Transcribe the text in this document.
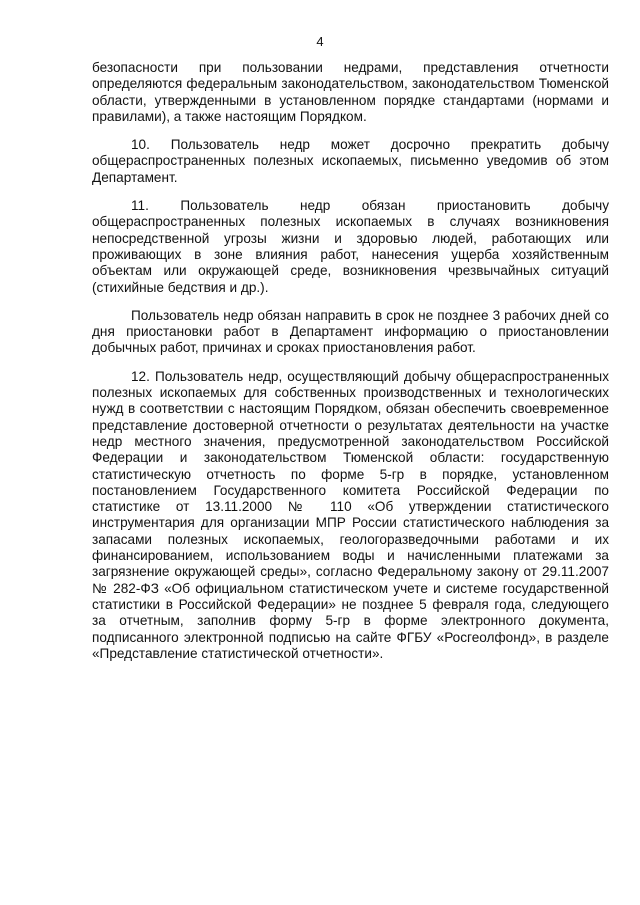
4

безопасности при пользовании недрами, представления отчетности определяются федеральным законодательством, законодательством Тюменской области, утвержденными в установленном порядке стандартами (нормами и правилами), а также настоящим Порядком.

10. Пользователь недр может досрочно прекратить добычу общераспространенных полезных ископаемых, письменно уведомив об этом Департамент.

11. Пользователь недр обязан приостановить добычу общераспространенных полезных ископаемых в случаях возникновения непосредственной угрозы жизни и здоровью людей, работающих или проживающих в зоне влияния работ, нанесения ущерба хозяйственным объектам или окружающей среде, возникновения чрезвычайных ситуаций (стихийные бедствия и др.).

Пользователь недр обязан направить в срок не позднее 3 рабочих дней со дня приостановки работ в Департамент информацию о приостановлении добычных работ, причинах и сроках приостановления работ.

12. Пользователь недр, осуществляющий добычу общераспространенных полезных ископаемых для собственных производственных и технологических нужд в соответствии с настоящим Порядком, обязан обеспечить своевременное представление достоверной отчетности о результатах деятельности на участке недр местного значения, предусмотренной законодательством Российской Федерации и законодательством Тюменской области: государственную статистическую отчетность по форме 5-гр в порядке, установленном постановлением Государственного комитета Российской Федерации по статистике от 13.11.2000 № 110 «Об утверждении статистического инструментария для организации МПР России статистического наблюдения за запасами полезных ископаемых, геологоразведочными работами и их финансированием, использованием воды и начисленными платежами за загрязнение окружающей среды», согласно Федеральному закону от 29.11.2007 № 282-ФЗ «Об официальном статистическом учете и системе государственной статистики в Российской Федерации» не позднее 5 февраля года, следующего за отчетным, заполнив форму 5-гр в форме электронного документа, подписанного электронной подписью на сайте ФГБУ «Росгеолфонд», в разделе «Представление статистической отчетности».
